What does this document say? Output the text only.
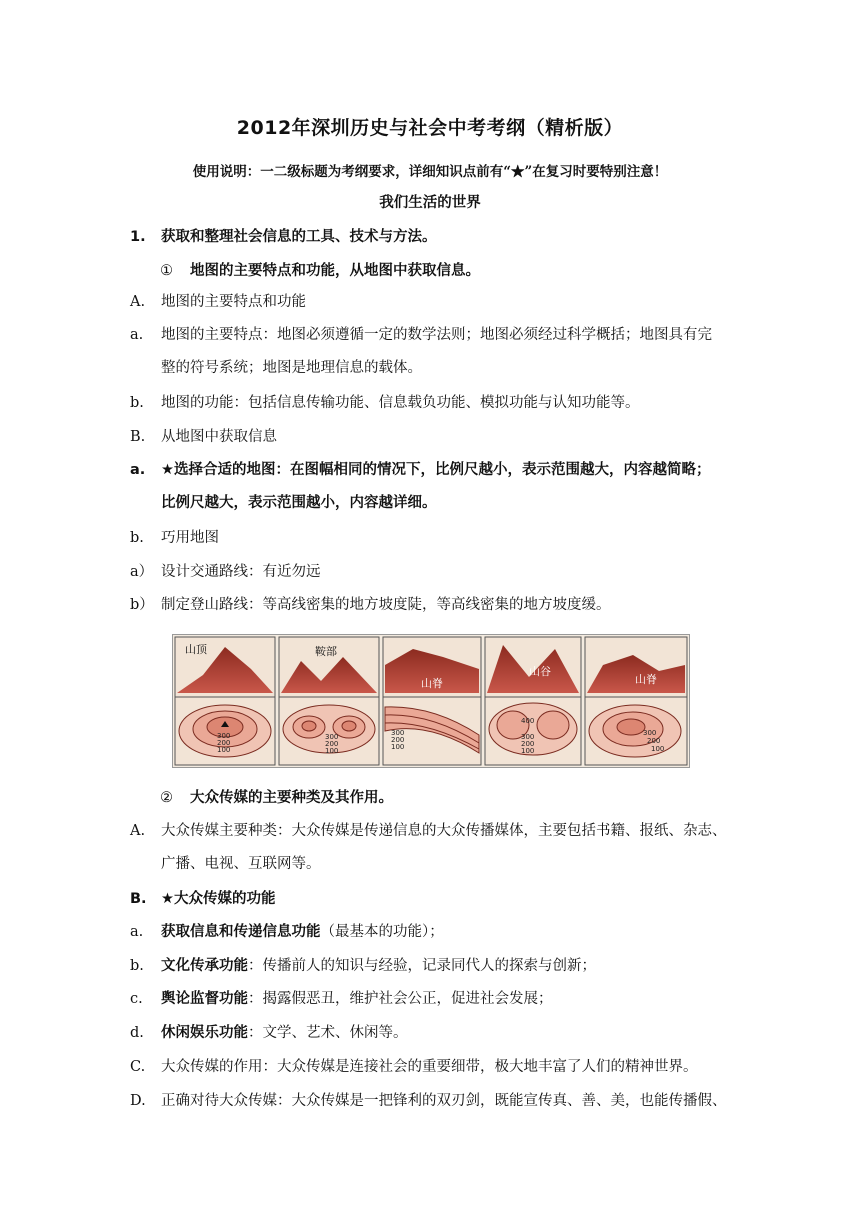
2012年深圳历史与社会中考考纲（精析版）
使用说明：一二级标题为考纲要求，详细知识点前有“★”在复习时要特别注意！
我们生活的世界
1. 获取和整理社会信息的工具、技术与方法。
① 地图的主要特点和功能，从地图中获取信息。
A. 地图的主要特点和功能
a. 地图的主要特点：地图必须遵循一定的数学法则；地图必须经过科学概括；地图具有完
整的符号系统；地图是地理信息的载体。
b. 地图的功能：包括信息传输功能、信息载负功能、模拟功能与认知功能等。
B. 从地图中获取信息
a. ★选择合适的地图：在图幅相同的情况下，比例尺越小，表示范围越大，内容越简略；
比例尺越大，表示范围越小，内容越详细。
b. 巧用地图
a） 设计交通路线：有近勿远
b） 制定登山路线：等高线密集的地方坡度陡，等高线密集的地方坡度缓。
山顶	鞍部
山脊
山谷
山脊
300
200
100
300
200
100
300
200
100
400
300
200
100
300
200
100
② 大众传媒的主要种类及其作用。
A. 大众传媒主要种类：大众传媒是传递信息的大众传播媒体，主要包括书籍、报纸、杂志、
广播、电视、互联网等。
B. ★大众传媒的功能
a. 获取信息和传递信息功能（最基本的功能）；
b. 文化传承功能：传播前人的知识与经验，记录同代人的探索与创新；
c. 舆论监督功能：揭露假恶丑，维护社会公正，促进社会发展；
d. 休闲娱乐功能：文学、艺术、休闲等。
C. 大众传媒的作用：大众传媒是连接社会的重要细带，极大地丰富了人们的精神世界。
D. 正确对待大众传媒：大众传媒是一把锋利的双刃剑，既能宣传真、善、美，也能传播假、
